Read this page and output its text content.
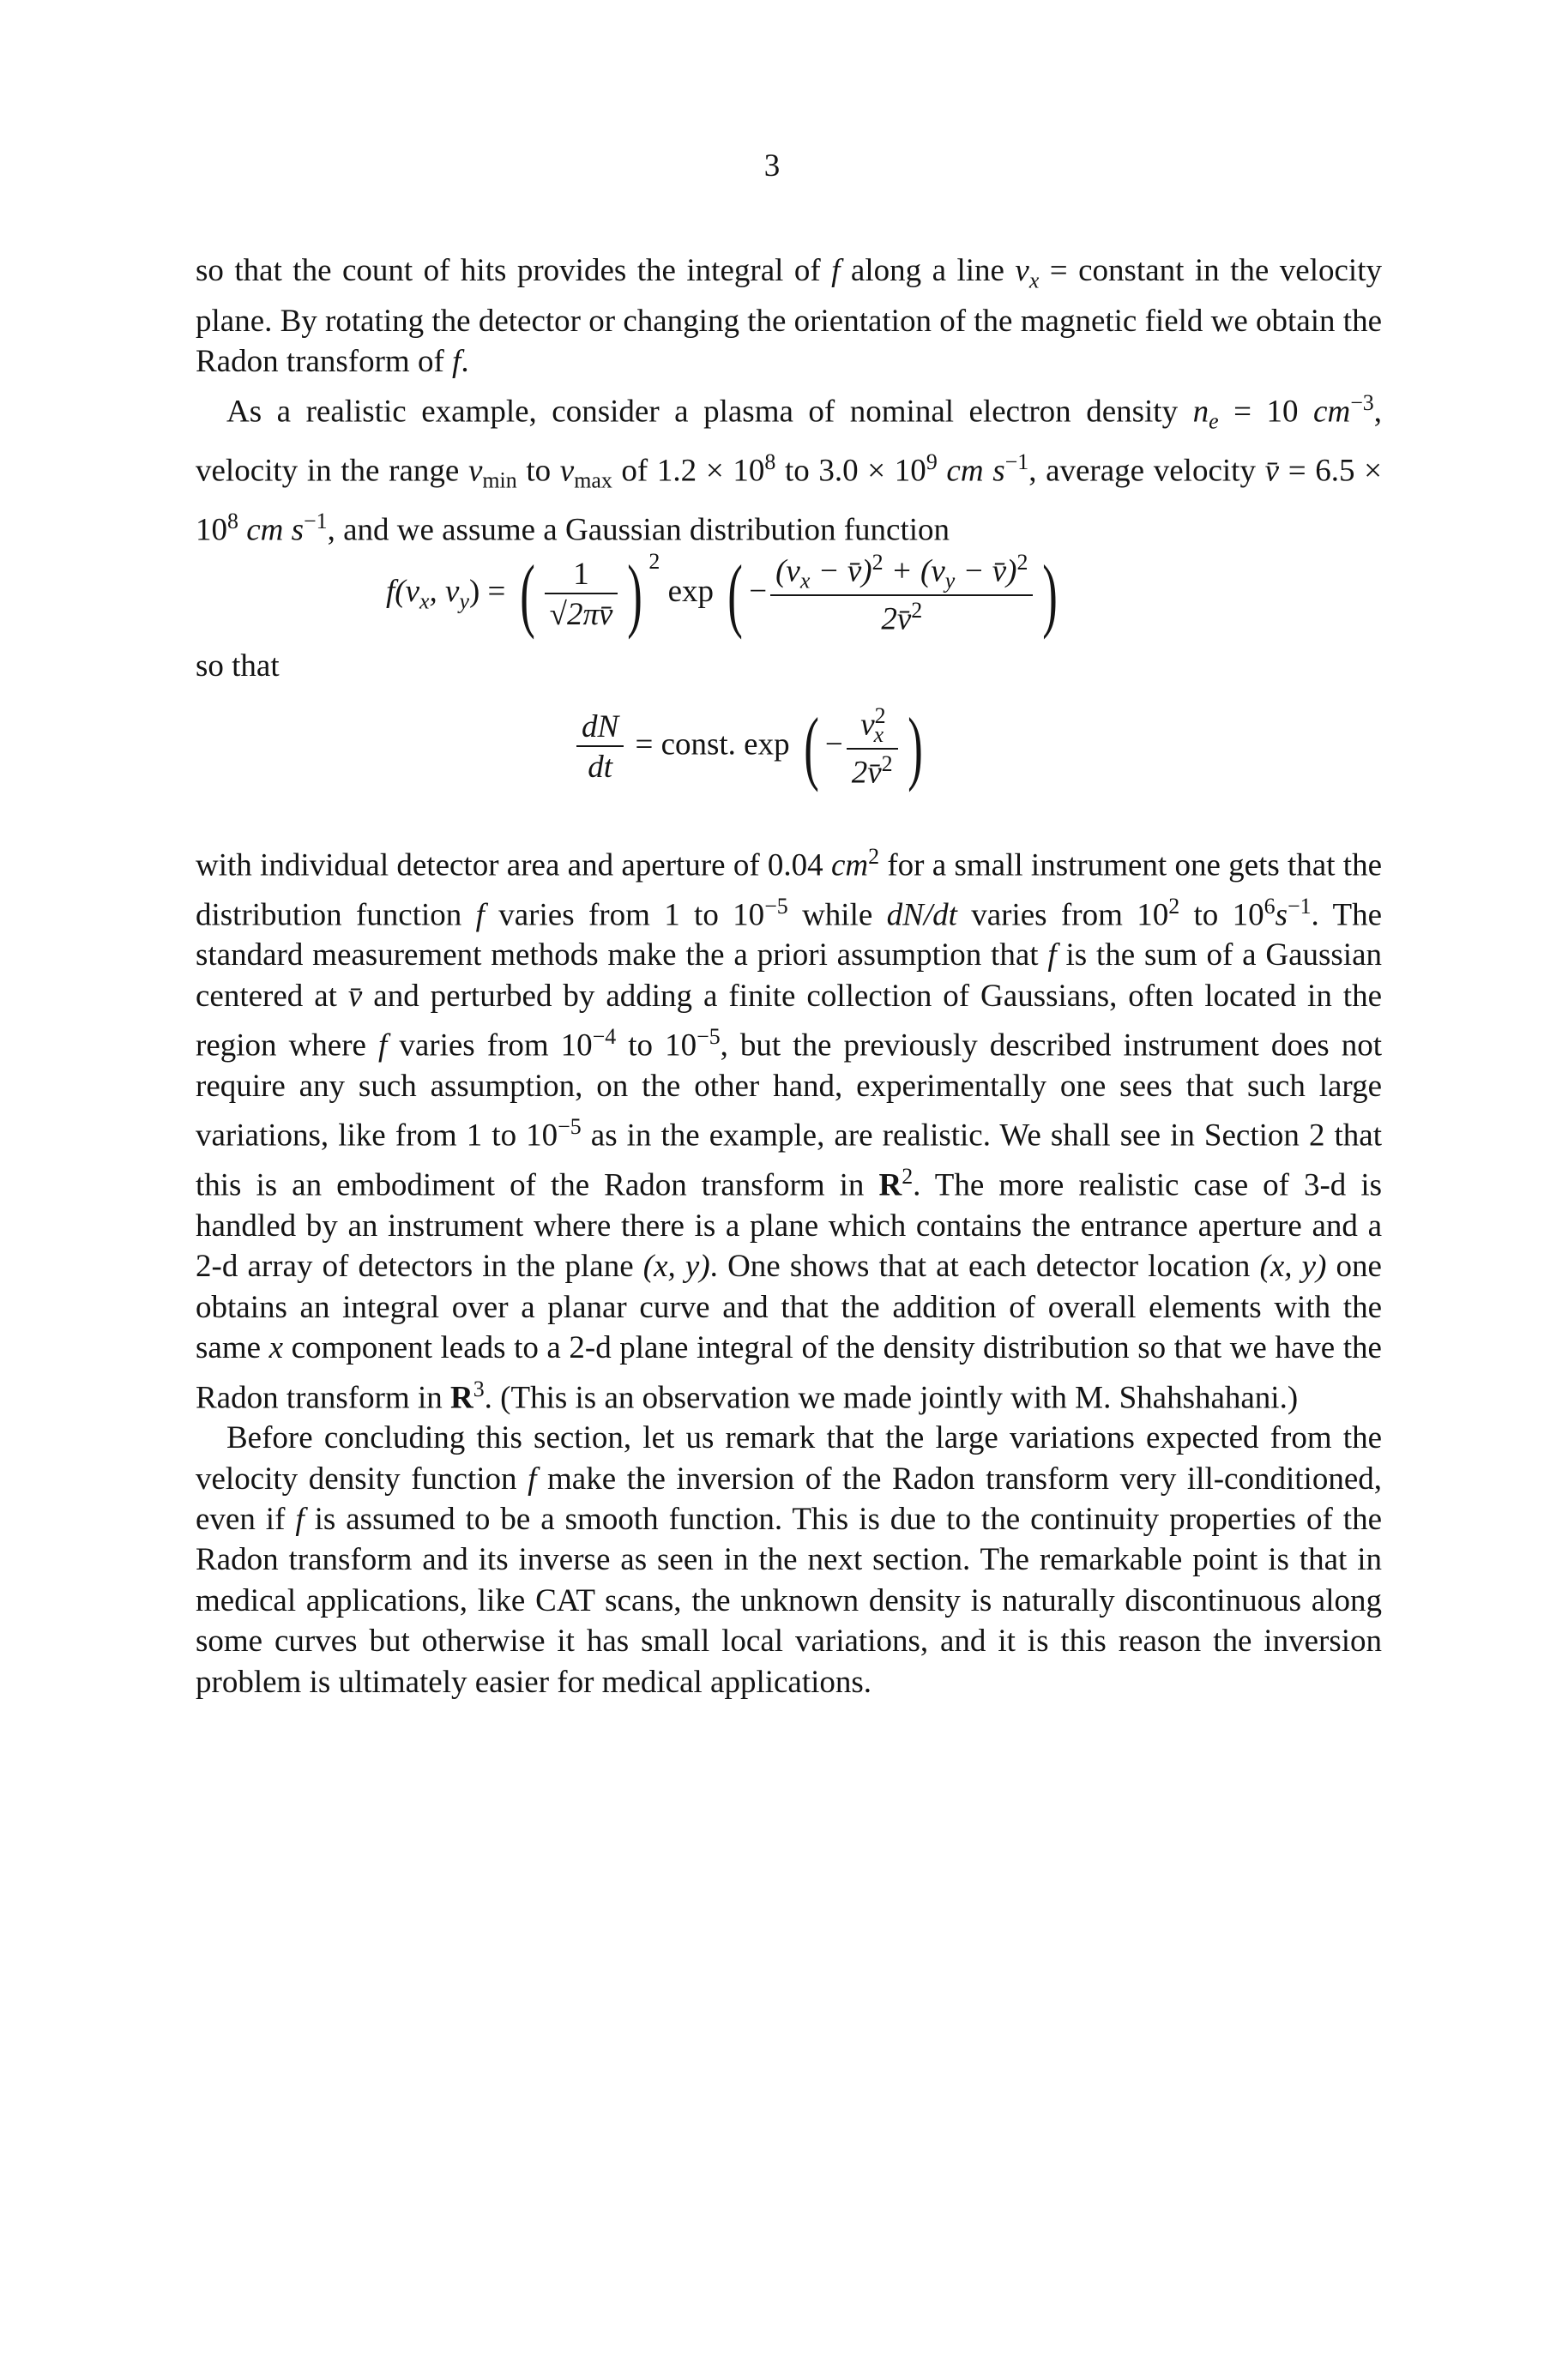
3

so that the count of hits provides the integral of f along a line $v_x$ = constant in the velocity plane. By rotating the detector or changing the orientation of the magnetic field we obtain the Radon transform of f.

As a realistic example, consider a plasma of nominal electron density $n_e = 10$ $cm^{-3}$, velocity in the range $v_{min}$ to $v_{max}$ of $1.2 \times 10^8$ to $3.0 \times 10^9$ cm $s^{-1}$, average velocity v̄ = $6.5 \times 10^8$ cm $s^{-1}$, and we assume a Gaussian distribution function

$f(v_x$, $v_y$) = ( $\frac{1}{√2\pi v̄}$ ) $^2$ exp ( − $\frac{(v_x - v̄)^2 + (v_y - v̄)^2}{2v̄^2}$ )
so that
$\frac{dN}{dt}$ = const. exp ( − $\frac{v^2_x}{2v̄^2}$ )

with individual detector area and aperture of 0.04 $cm^2$ for a small instrument one gets that the distribution function f varies from 1 to $10^{-5}$ while dN/dt varies from $10^2$ to $10^6s^{-1}$. The standard measurement methods make the a priori assumption that f is the sum of a Gaussian centered at v̄ and perturbed by adding a finite collection of Gaussians, often located in the region where f varies from $10^{-4}$ to $10^{-5}$, but the previously described instrument does not require any such assumption, on the other hand, experimentally one sees that such large variations, like from 1 to $10^{-5}$ as in the example, are realistic. We shall see in Section 2 that this is an embodiment of the Radon transform in $R^2$. The more realistic case of 3-d is handled by an instrument where there is a plane which contains the entrance aperture and a 2-d array of detectors in the plane (x, y). One shows that at each detector location (x, y) one obtains an integral over a planar curve and that the addition of overall elements with the same x component leads to a 2-d plane integral of the density distribution so that we have the Radon transform in $R^3$. (This is an observation we made jointly with M. Shahshahani.)

Before concluding this section, let us remark that the large variations expected from the velocity density function f make the inversion of the Radon transform very ill-conditioned, even if f is assumed to be a smooth function. This is due to the continuity properties of the Radon transform and its inverse as seen in the next section. The remarkable point is that in medical applications, like CAT scans, the unknown density is naturally discontinuous along some curves but otherwise it has small local variations, and it is this reason the inversion problem is ultimately easier for medical applications.
